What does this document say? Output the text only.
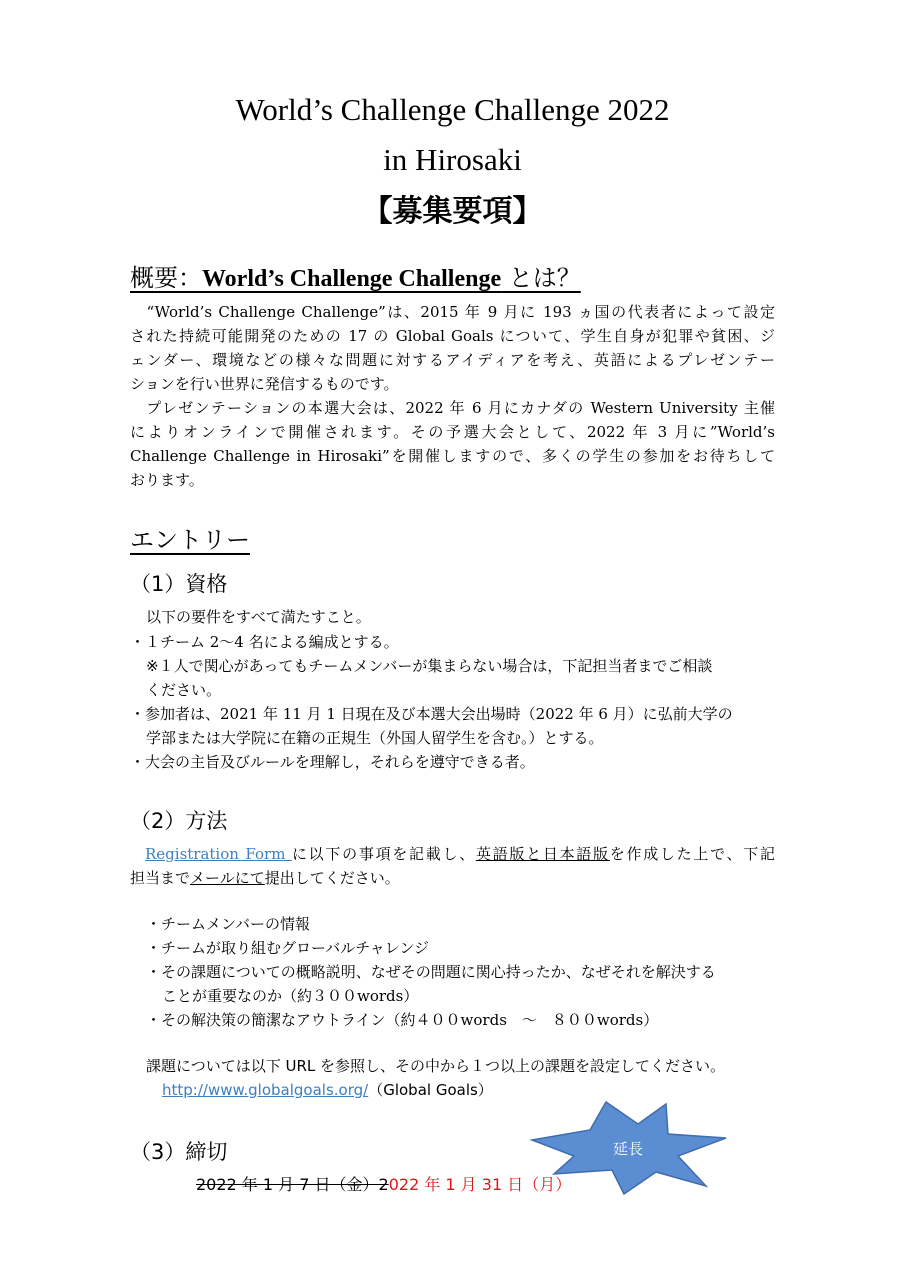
World’s Challenge Challenge 2022
in Hirosaki
【募集要項】
概要：World’s Challenge Challenge とは？
　“World’s Challenge Challenge”は、2015 年 9 月に 193 ヵ国の代表者によって設定
された持続可能開発のための 17 の Global Goals について、学生自身が犯罪や貧困、ジ
ェンダー、環境などの様々な問題に対するアイディアを考え、英語によるプレゼンテー
ションを行い世界に発信するものです。
　プレゼンテーションの本選大会は、2022 年 6 月にカナダの Western University 主催
によりオンラインで開催されます。その予選大会として、2022 年 3 月に”World’s
Challenge Challenge in Hirosaki”を開催しますので、多くの学生の参加をお待ちして
おります。
エントリー
（1）資格
以下の要件をすべて満たすこと。
・１チーム 2～4 名による編成とする。
※１人で関心があってもチームメンバーが集まらない場合は，下記担当者までご相談
ください。
・参加者は、2021 年 11 月 1 日現在及び本選大会出場時（2022 年 6 月）に弘前大学の
学部または大学院に在籍の正規生（外国人留学生を含む。）とする。
・大会の主旨及びルールを理解し，それらを遵守できる者。
（2）方法
Registration Form に以下の事項を記載し、英語版と日本語版を作成した上で、下記
担当までメールにて提出してください。
・チームメンバーの情報
・チームが取り組むグローバルチャレンジ
・その課題についての概略説明、なぜその問題に関心持ったか、なぜそれを解決する
ことが重要なのか（約３００words）
・その解決策の簡潔なアウトライン（約４００words　～　８００words）
課題については以下 URL を参照し、その中から１つ以上の課題を設定してください。
http://www.globalgoals.org/（Global Goals）
（3）締切
2022 年 1 月 7 日（金）2022 年 1 月 31 日（月）
延長
